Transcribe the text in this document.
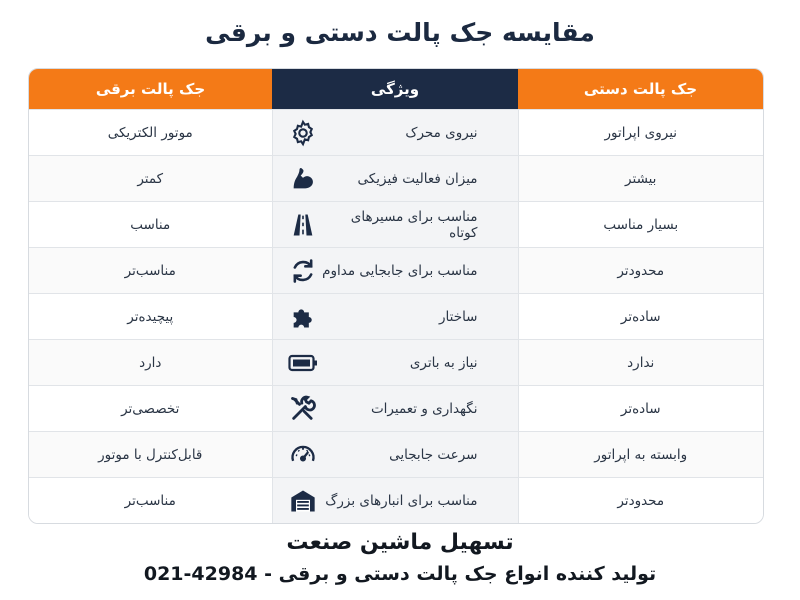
مقایسه جک پالت دستی و برقی
جک پالت برقی	ویژگی	جک پالت دستی
موتور الکتریکی	نیروی محرک	نیروی اپراتور
کمتر	میزان فعالیت فیزیکی	بیشتر
مناسب	مناسب برای مسیرهای کوتاه	بسیار مناسب
مناسب‌تر	مناسب برای جابجایی مداوم	محدودتر
پیچیده‌تر	ساختار	ساده‌تر
دارد	نیاز به باتری	ندارد
تخصصی‌تر	نگهداری و تعمیرات	ساده‌تر
قابل‌کنترل با موتور	سرعت جابجایی	وابسته به اپراتور
مناسب‌تر	مناسب برای انبارهای بزرگ	محدودتر
تسهیل ماشین صنعت
تولید کننده انواع جک پالت دستی و برقی - 42984-021
